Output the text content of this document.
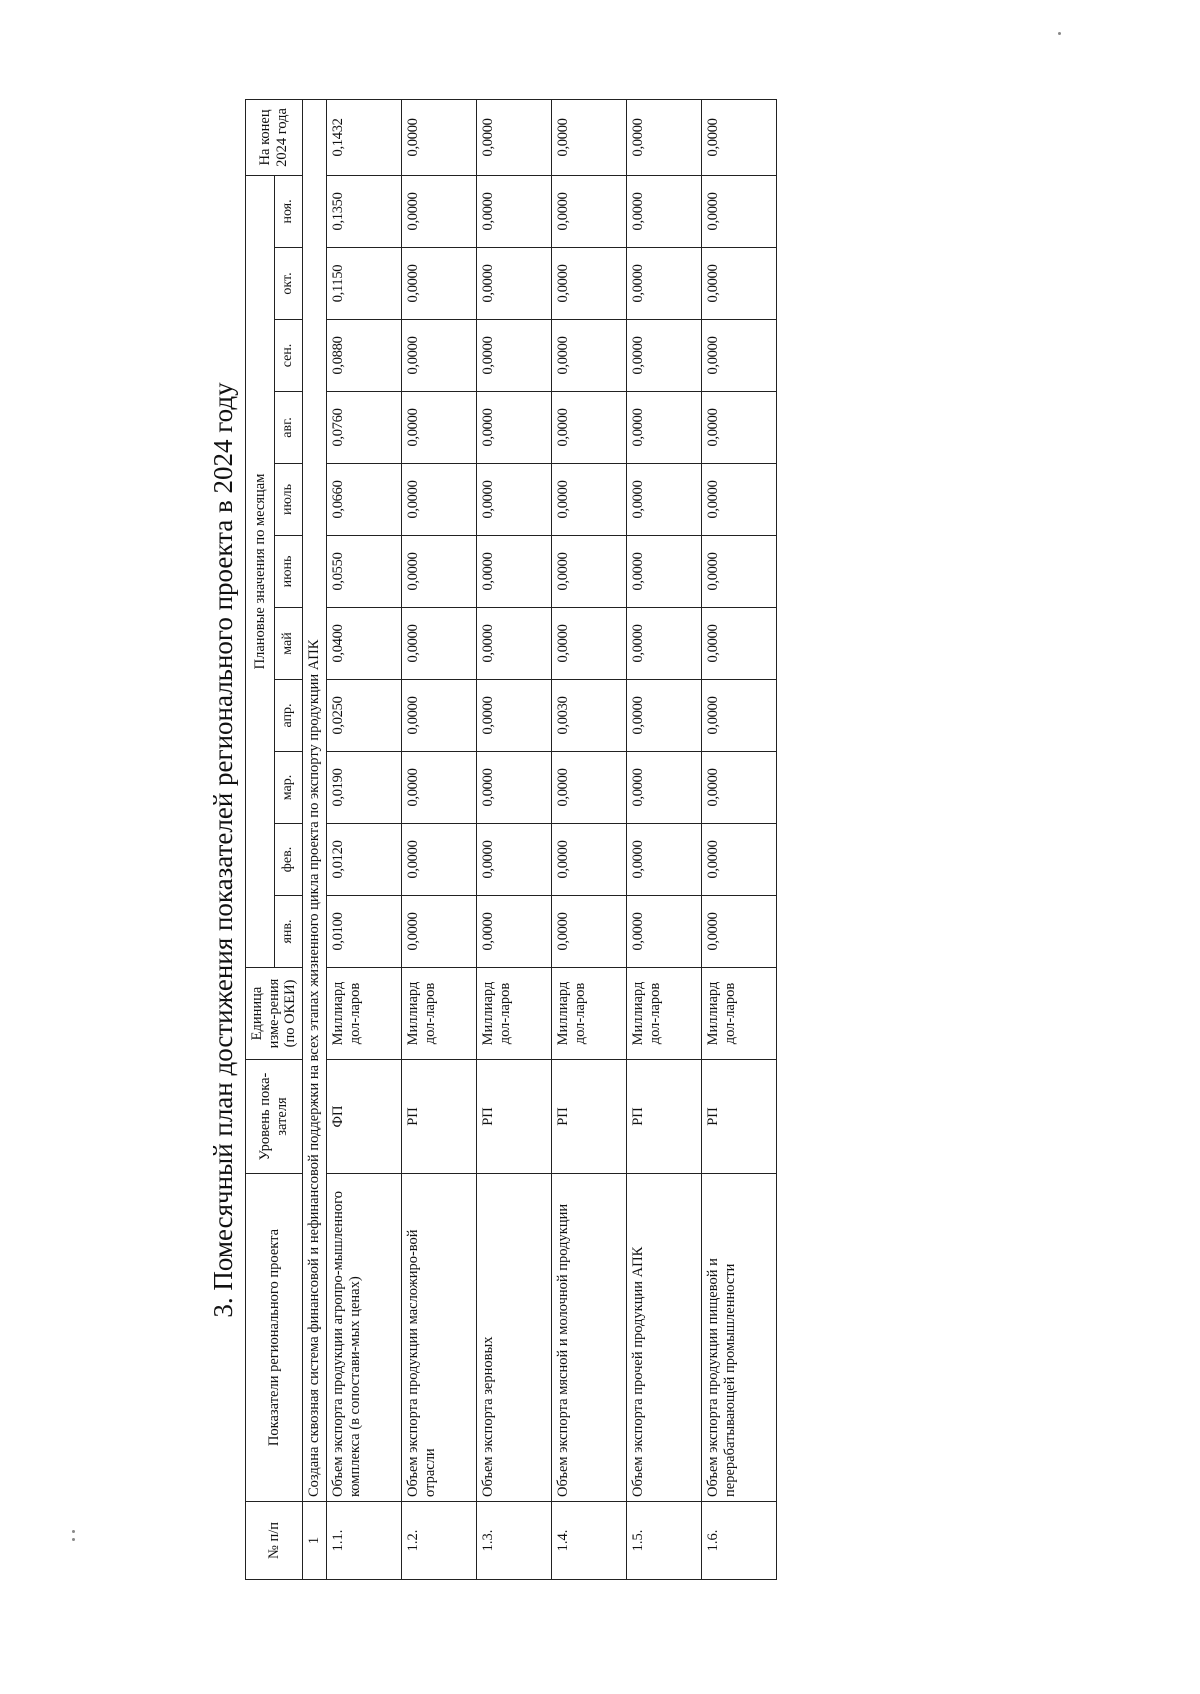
3. Помесячный план достижения показателей регионального проекта в 2024 году
№ п/п	Показатели регионального проекта	Уровень пока-зателя	Единица изме-рения (по ОКЕИ)	Плановые значения по месяцам											На конец 2024 года
				янв.	фев.	мар.	апр.	май	июнь	июль	авг.	сен.	окт.	ноя.	
1	Создана сквозная система финансовой и нефинансовой поддержки на всех этапах жизненного цикла проекта по экспорту продукции АПК														
1.1.	Объем экспорта продукции агропро-мышленного комплекса (в сопостави-мых ценах)	ФП	Миллиард дол-ларов	0,0100	0,0120	0,0190	0,0250	0,0400	0,0550	0,0660	0,0760	0,0880	0,1150	0,1350	0,1432
1.2.	Объем экспорта продукции масложиро-вой отрасли	РП	Миллиард дол-ларов	0,0000	0,0000	0,0000	0,0000	0,0000	0,0000	0,0000	0,0000	0,0000	0,0000	0,0000	0,0000
1.3.	Объем экспорта зерновых	РП	Миллиард дол-ларов	0,0000	0,0000	0,0000	0,0000	0,0000	0,0000	0,0000	0,0000	0,0000	0,0000	0,0000	0,0000
1.4.	Объем экспорта мясной и молочной продукции	РП	Миллиард дол-ларов	0,0000	0,0000	0,0000	0,0030	0,0000	0,0000	0,0000	0,0000	0,0000	0,0000	0,0000	0,0000
1.5.	Объем экспорта прочей продукции АПК	РП	Миллиард дол-ларов	0,0000	0,0000	0,0000	0,0000	0,0000	0,0000	0,0000	0,0000	0,0000	0,0000	0,0000	0,0000
1.6.	Объем экспорта продукции пищевой и перерабатывающей промышленности	РП	Миллиард дол-ларов	0,0000	0,0000	0,0000	0,0000	0,0000	0,0000	0,0000	0,0000	0,0000	0,0000	0,0000	0,0000
